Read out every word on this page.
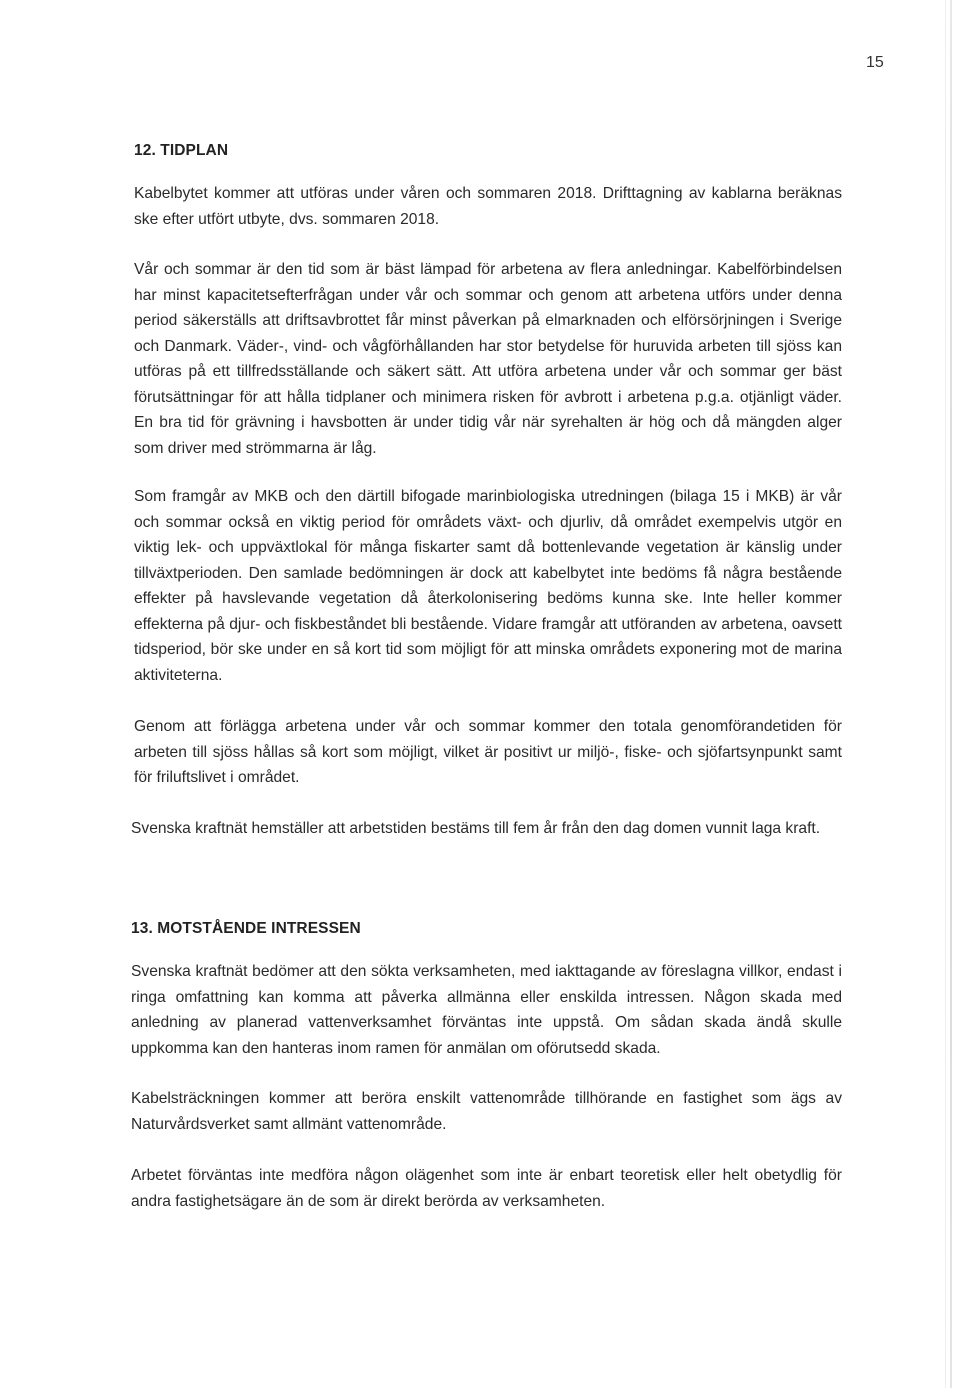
15
12. TIDPLAN

Kabelbytet kommer att utföras under våren och sommaren 2018. Drifttagning av kablarna beräknas ske efter utfört utbyte, dvs. sommaren 2018.

Vår och sommar är den tid som är bäst lämpad för arbetena av flera anledningar. Kabelförbindelsen har minst kapacitetsefterfrågan under vår och sommar och genom att arbetena utförs under denna period säkerställs att driftsavbrottet får minst påverkan på elmarknaden och elförsörjningen i Sverige och Danmark. Väder-, vind- och vågförhållanden har stor betydelse för huruvida arbeten till sjöss kan utföras på ett tillfredsställande och säkert sätt. Att utföra arbetena under vår och sommar ger bäst förutsättningar för att hålla tidplaner och minimera risken för avbrott i arbetena p.g.a. otjänligt väder. En bra tid för grävning i havsbotten är under tidig vår när syrehalten är hög och då mängden alger som driver med strömmarna är låg.

Som framgår av MKB och den därtill bifogade marinbiologiska utredningen (bilaga 15 i MKB) är vår och sommar också en viktig period för områdets växt- och djurliv, då området exempelvis utgör en viktig lek- och uppväxtlokal för många fiskarter samt då bottenlevande vegetation är känslig under tillväxtperioden. Den samlade bedömningen är dock att kabelbytet inte bedöms få några bestående effekter på havslevande vegetation då återkolonisering bedöms kunna ske. Inte heller kommer effekterna på djur- och fiskbeståndet bli bestående. Vidare framgår att utföranden av arbetena, oavsett tidsperiod, bör ske under en så kort tid som möjligt för att minska områdets exponering mot de marina aktiviteterna.

Genom att förlägga arbetena under vår och sommar kommer den totala genomförandetiden för arbeten till sjöss hållas så kort som möjligt, vilket är positivt ur miljö-, fiske- och sjöfartsynpunkt samt för friluftslivet i området.

Svenska kraftnät hemställer att arbetstiden bestäms till fem år från den dag domen vunnit laga kraft.

13. MOTSTÅENDE INTRESSEN

Svenska kraftnät bedömer att den sökta verksamheten, med iakttagande av föreslagna villkor, endast i ringa omfattning kan komma att påverka allmänna eller enskilda intressen. Någon skada med anledning av planerad vattenverksamhet förväntas inte uppstå. Om sådan skada ändå skulle uppkomma kan den hanteras inom ramen för anmälan om oförutsedd skada.

Kabelsträckningen kommer att beröra enskilt vattenområde tillhörande en fastighet som ägs av Naturvårdsverket samt allmänt vattenområde.

Arbetet förväntas inte medföra någon olägenhet som inte är enbart teoretisk eller helt obetydlig för andra fastighetsägare än de som är direkt berörda av verksamheten.
